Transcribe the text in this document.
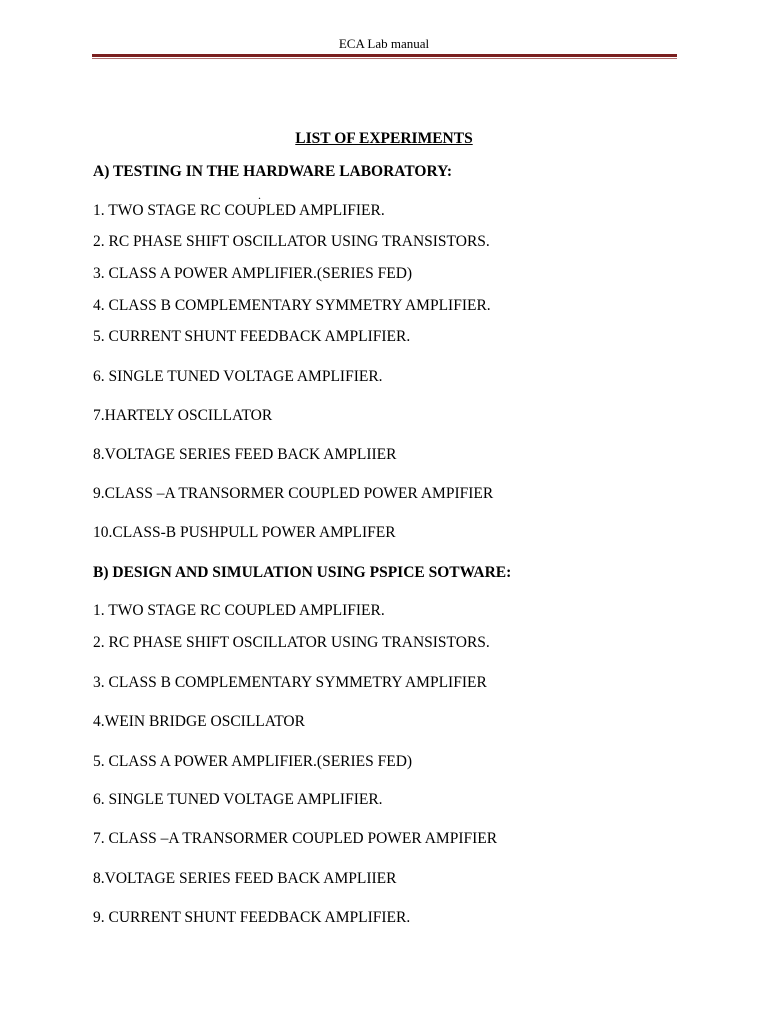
ECA Lab manual
LIST OF EXPERIMENTS
A) TESTING IN THE HARDWARE LABORATORY:
.
1. TWO STAGE RC COUPLED AMPLIFIER.
2. RC PHASE SHIFT OSCILLATOR USING TRANSISTORS.
3. CLASS A POWER AMPLIFIER.(SERIES FED)
4. CLASS B COMPLEMENTARY SYMMETRY AMPLIFIER.
5. CURRENT SHUNT FEEDBACK AMPLIFIER.
6. SINGLE TUNED VOLTAGE AMPLIFIER.
7.HARTELY OSCILLATOR
8.VOLTAGE SERIES FEED BACK AMPLIIER
9.CLASS –A TRANSORMER COUPLED POWER AMPIFIER
10.CLASS-B PUSHPULL POWER AMPLIFER
B) DESIGN AND SIMULATION USING PSPICE SOTWARE:
1. TWO STAGE RC COUPLED AMPLIFIER.
2. RC PHASE SHIFT OSCILLATOR USING TRANSISTORS.
3. CLASS B COMPLEMENTARY SYMMETRY AMPLIFIER
4.WEIN BRIDGE OSCILLATOR
5. CLASS A POWER AMPLIFIER.(SERIES FED)
6. SINGLE TUNED VOLTAGE AMPLIFIER.
7. CLASS –A TRANSORMER COUPLED POWER AMPIFIER
8.VOLTAGE SERIES FEED BACK AMPLIIER
9. CURRENT SHUNT FEEDBACK AMPLIFIER.
